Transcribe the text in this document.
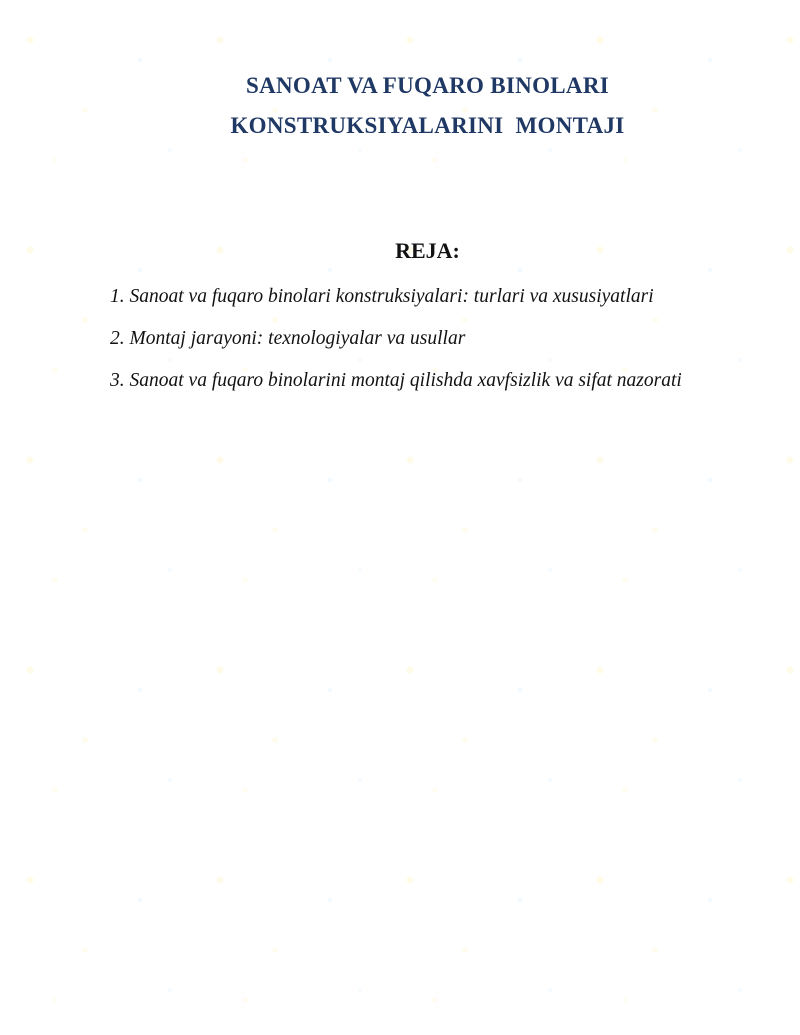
SANOAT VA FUQARO BINOLARI
KONSTRUKSIYALARINI  MONTAJI
REJA:
1. Sanoat va fuqaro binolari konstruksiyalari: turlari va xususiyatlari
2. Montaj jarayoni: texnologiyalar va usullar
3. Sanoat va fuqaro binolarini montaj qilishda xavfsizlik va sifat nazorati
